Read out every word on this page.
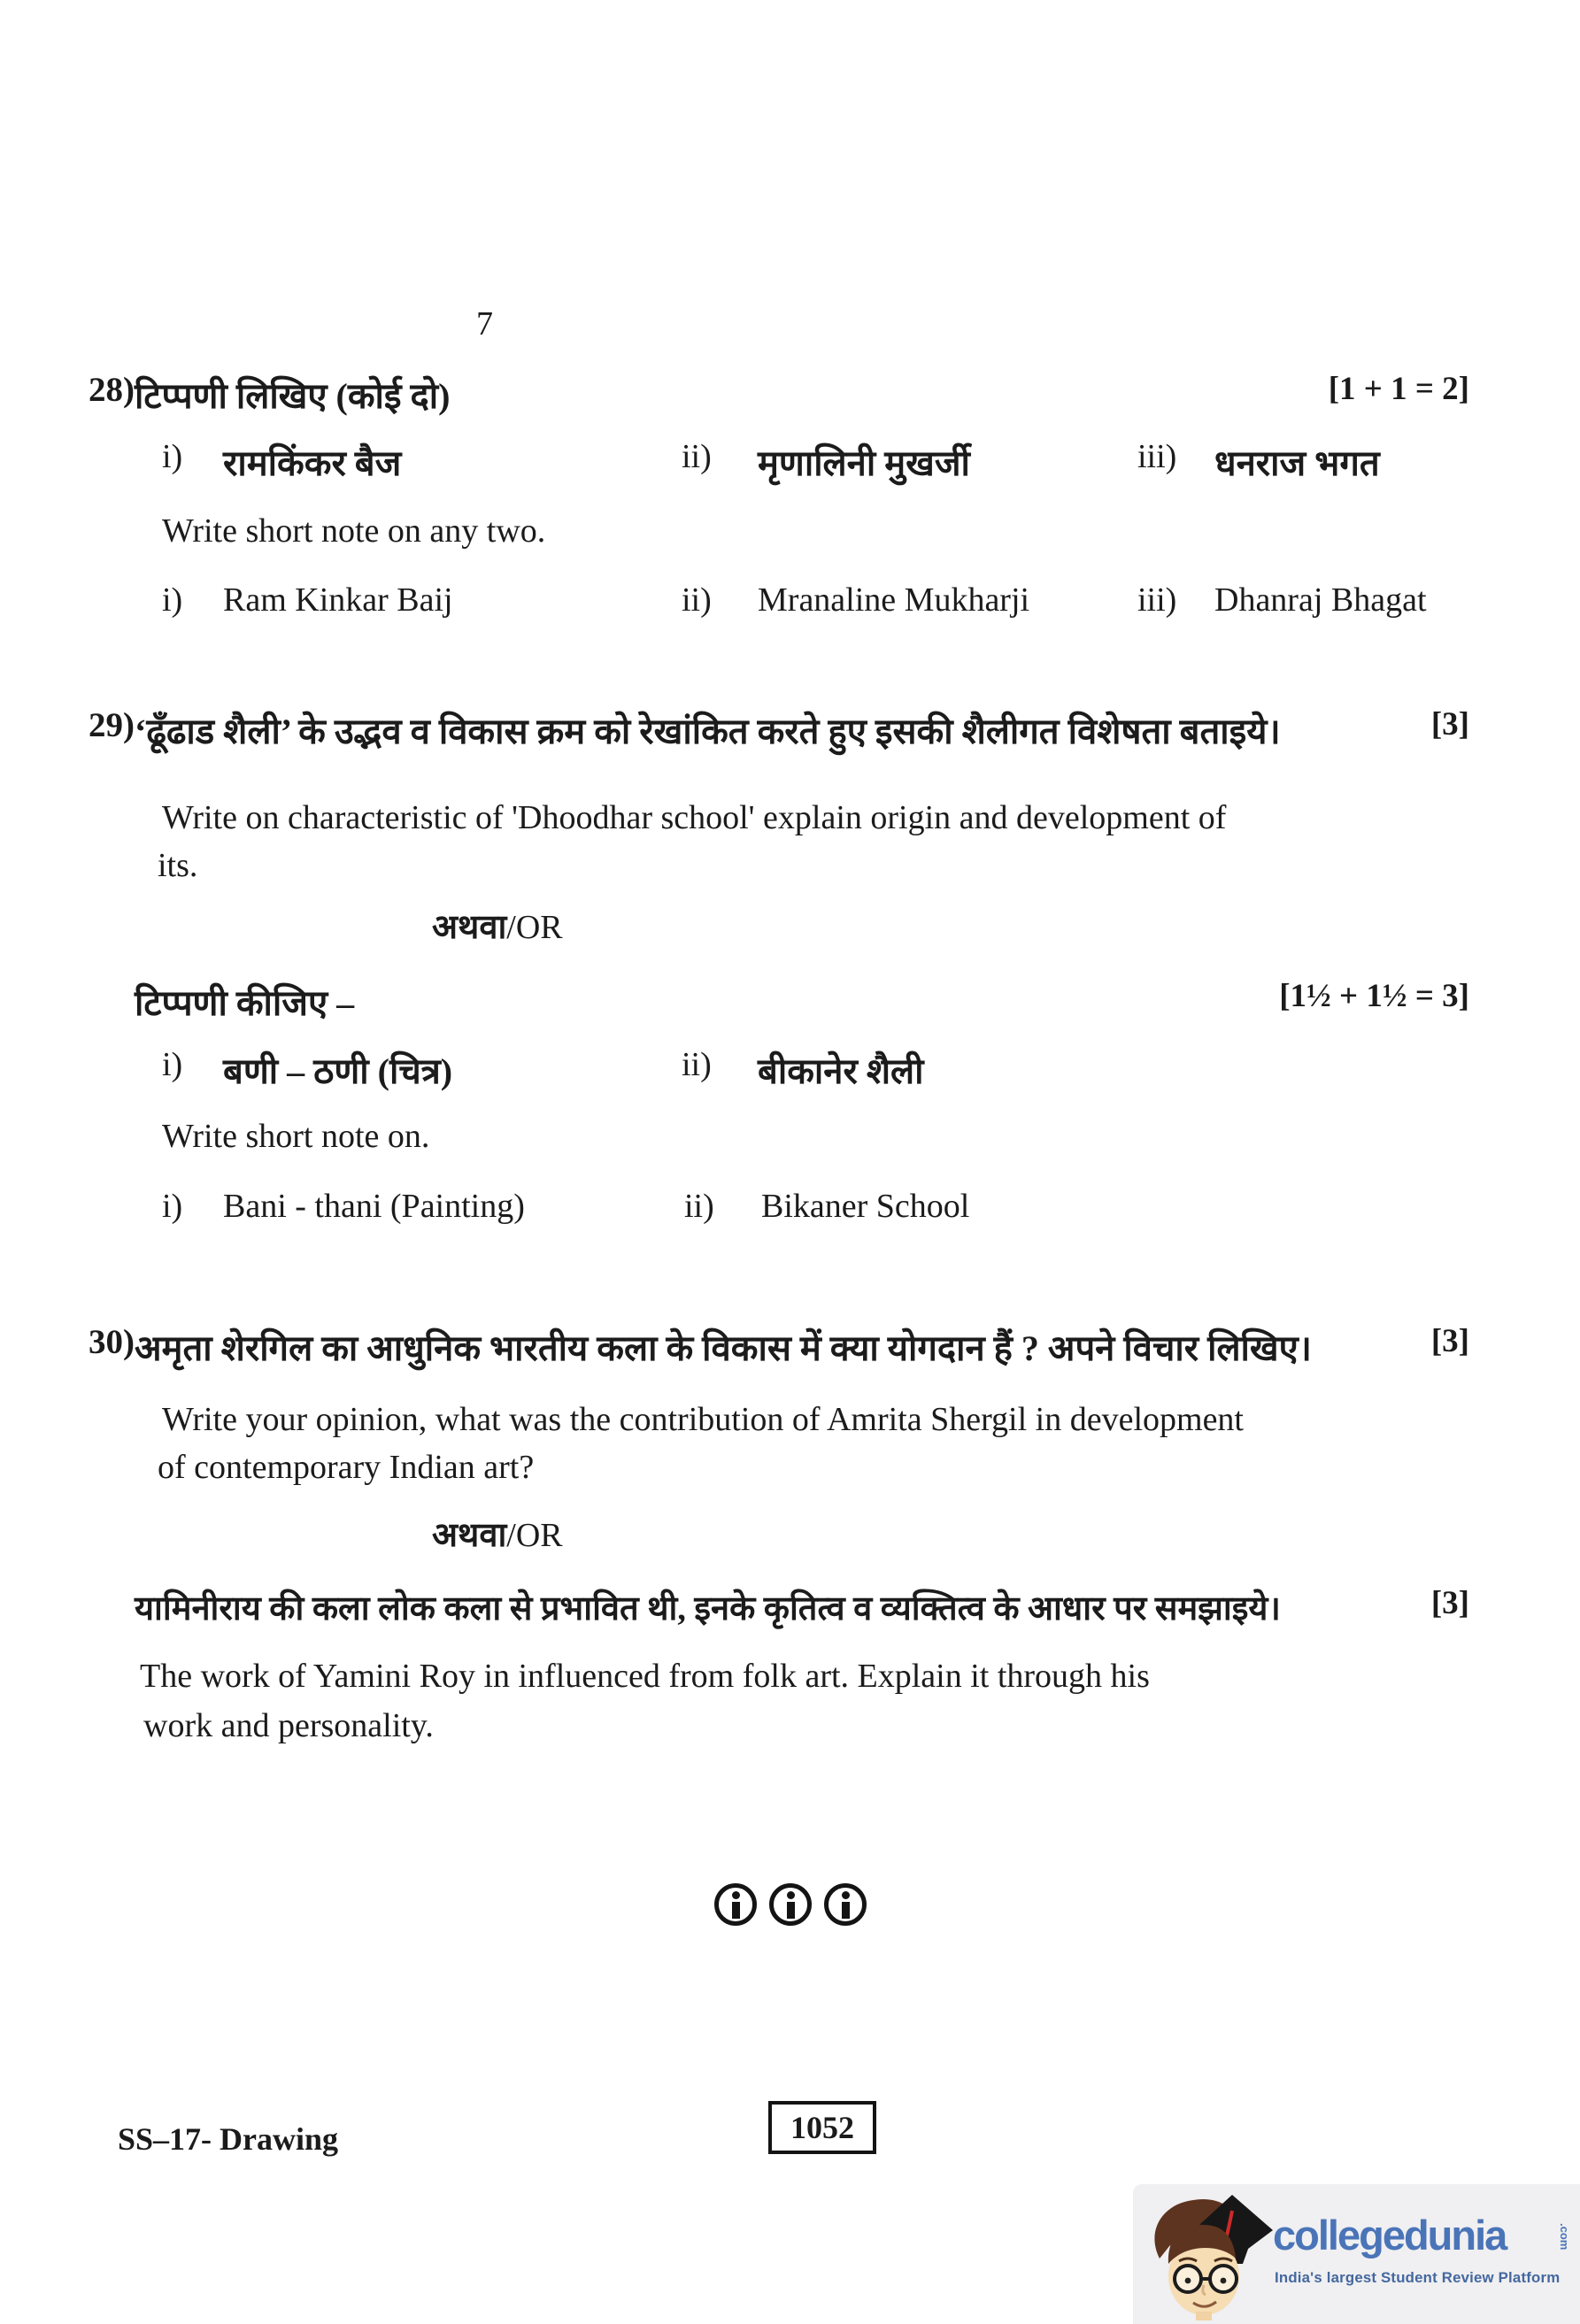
7
28) टिप्पणी लिखिए (कोई दो)	[1 + 1 = 2]
i) रामकिंकर बैज	ii) मृणालिनी मुखर्जी	iii) धनराज भगत
Write short note on any two.
i) Ram Kinkar Baij	ii) Mranaline Mukharji	iii) Dhanraj Bhagat
29) ‘ढूँढाड शैली’ के उद्भव व विकास क्रम को रेखांकित करते हुए इसकी शैलीगत विशेषता बताइये।	[3]
Write on characteristic of 'Dhoodhar school' explain origin and development of
its.
अथवा/OR
टिप्पणी कीजिए –	[1½ + 1½ = 3]
i) बणी – ठणी (चित्र)	ii) बीकानेर शैली
Write short note on.
i) Bani - thani (Painting)	ii) Bikaner School
30) अमृता शेरगिल का आधुनिक भारतीय कला के विकास में क्या योगदान हैं ? अपने विचार लिखिए।	[3]
Write your opinion, what was the contribution of Amrita Shergil in development
of contemporary Indian art?
अथवा/OR
यामिनीराय की कला लोक कला से प्रभावित थी, इनके कृतित्व व व्यक्तित्व के आधार पर समझाइये।	[3]
The work of Yamini Roy in influenced from folk art. Explain it through his
work and personality.
SS–17- Drawing	1052
collegedunia	.com
India's largest Student Review Platform
